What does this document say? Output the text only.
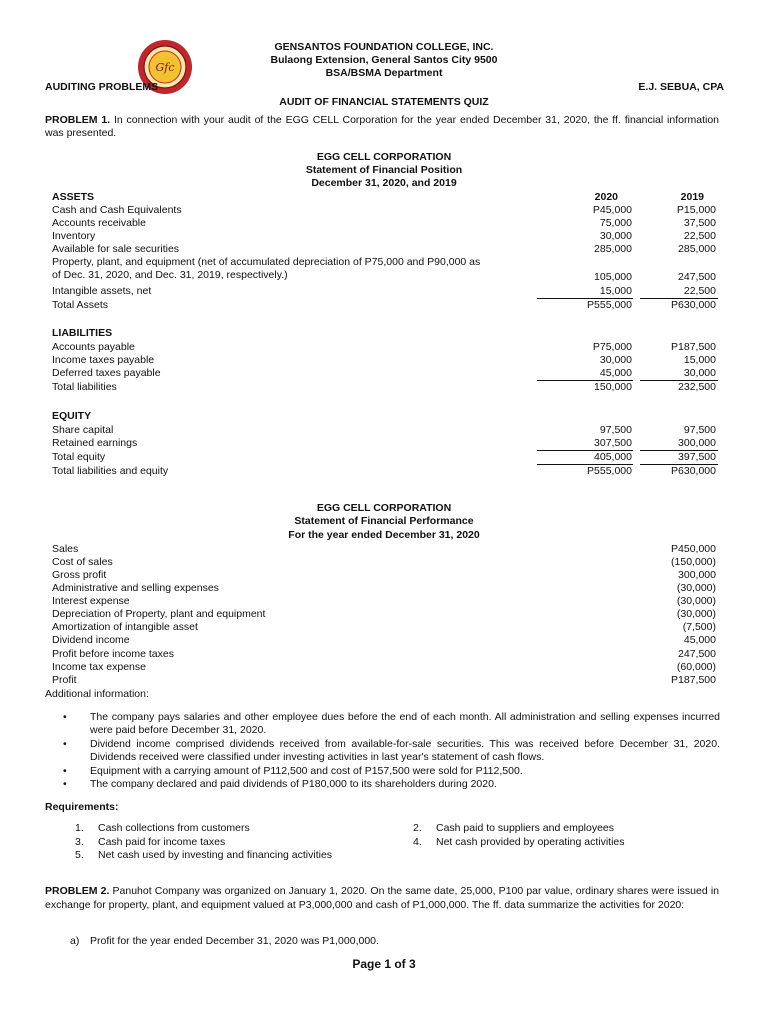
Gfc
GENSANTOS FOUNDATION COLLEGE, INC.
Bulaong Extension, General Santos City 9500
BSA/BSMA Department
AUDITING PROBLEMS	E.J. SEBUA, CPA
AUDIT OF FINANCIAL STATEMENTS QUIZ
PROBLEM 1. In connection with your audit of the EGG CELL Corporation for the year ended December 31, 2020, the ff. financial information was presented.
EGG CELL CORPORATION
Statement of Financial Position
December 31, 2020, and 2019
ASSETS	2020	2019
Cash and Cash Equivalents	P45,000	P15,000
Accounts receivable	75,000	37,500
Inventory	30,000	22,500
Available for sale securities	285,000	285,000
Property, plant, and equipment (net of accumulated depreciation of P75,000 and P90,000 as
of Dec. 31, 2020, and Dec. 31, 2019, respectively.)	105,000	247,500
Intangible assets, net	15,000	22,500
Total Assets	P555,000	P630,000
LIABILITIES
Accounts payable	P75,000	P187,500
Income taxes payable	30,000	15,000
Deferred taxes payable	45,000	30,000
Total liabilities	150,000	232,500
EQUITY
Share capital	97,500	97,500
Retained earnings	307,500	300,000
Total equity	405,000	397,500
Total liabilities and equity	P555,000	P630,000
EGG CELL CORPORATION
Statement of Financial Performance
For the year ended December 31, 2020
Sales	P450,000
Cost of sales	(150,000)
Gross profit	300,000
Administrative and selling expenses	(30,000)
Interest expense	(30,000)
Depreciation of Property, plant and equipment	(30,000)
Amortization of intangible asset	(7,500)
Dividend income	45,000
Profit before income taxes	247,500
Income tax expense	(60,000)
Profit	P187,500
Additional information:
• The company pays salaries and other employee dues before the end of each month. All administration and selling expenses incurred were paid before December 31, 2020.
• Dividend income comprised dividends received from available-for-sale securities. This was received before December 31, 2020. Dividends received were classified under investing activities in last year's statement of cash flows.
• Equipment with a carrying amount of P112,500 and cost of P157,500 were sold for P112,500.
• The company declared and paid dividends of P180,000 to its shareholders during 2020.
Requirements:
1. Cash collections from customers	2. Cash paid to suppliers and employees
3. Cash paid for income taxes	4. Net cash provided by operating activities
5. Net cash used by investing and financing activities
PROBLEM 2. Panuhot Company was organized on January 1, 2020. On the same date, 25,000, P100 par value, ordinary shares were issued in exchange for property, plant, and equipment valued at P3,000,000 and cash of P1,000,000. The ff. data summarize the activities for 2020:
a) Profit for the year ended December 31, 2020 was P1,000,000.
Page 1 of 3
